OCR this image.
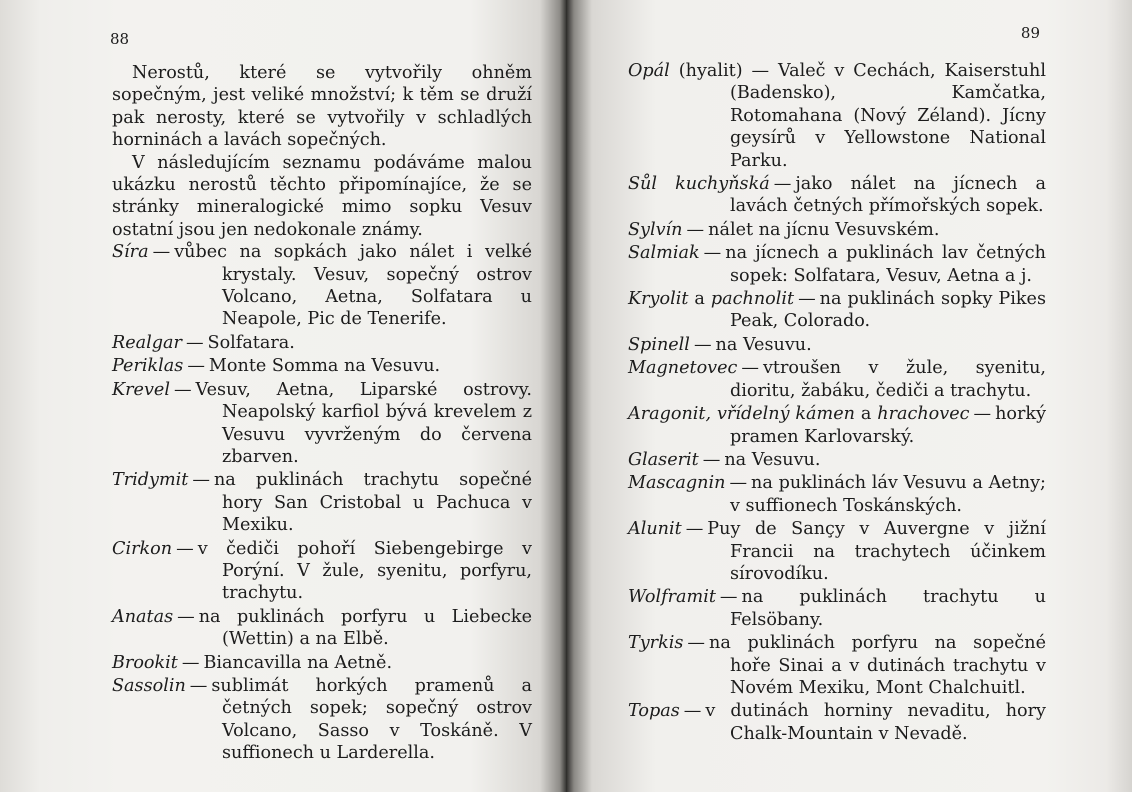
88

Nerostů, které se vytvořily ohněm sopečným, jest veliké množství; k těm se druží pak nerosty, které se vytvořily v schladlých horninách a lavách sopečných.

V následujícím seznamu podáváme malou ukázku nerostů těchto připomínajíce, že se stránky mineralogické mimo sopku Vesuv ostatní jsou jen nedokonale známy.

Síra — vůbec na sopkách jako nálet i velké krystaly. Vesuv, sopečný ostrov Volcano, Aetna, Solfatara u Neapole, Pic de Tenerife.

Realgar — Solfatara.

Periklas — Monte Somma na Vesuvu.

Krevel — Vesuv, Aetna, Liparské ostrovy. Neapolský karfiol bývá krevelem z Vesuvu vyvrženým do červena zbarven.

Tridymit — na puklinách trachytu sopečné hory San Cristobal u Pachuca v Mexiku.

Cirkon — v čediči pohoří Siebengebirge v Porýní. V žule, syenitu, porfyru, trachytu.

Anatas — na puklinách porfyru u Liebecke (Wettin) a na Elbě.

Brookit — Biancavilla na Aetně.

Sassolin — sublimát horkých pramenů a četných sopek; sopečný ostrov Volcano, Sasso v Toskáně. V suffionech u Larderella.

89

Opál (hyalit) — Valeč v Cechách, Kaiserstuhl (Badensko), Kamčatka, Rotomahana (Nový Zéland). Jícny geysírů v Yellowstone National Parku.

Sůl kuchyňská — jako nálet na jícnech a lavách četných přímořských sopek.

Sylvín — nálet na jícnu Vesuvském.

Salmiak — na jícnech a puklinách lav četných sopek: Solfatara, Vesuv, Aetna a j.

Kryolit a pachnolit — na puklinách sopky Pikes Peak, Colorado.

Spinell — na Vesuvu.

Magnetovec — vtroušen v žule, syenitu, dioritu, žabáku, čediči a trachytu.

Aragonit, vřídelný kámen a hrachovec — horký pramen Karlovarský.

Glaserit — na Vesuvu.

Mascagnin — na puklinách láv Vesuvu a Aetny; v suffionech Toskánských.

Alunit — Puy de Sançy v Auvergne v jižní Francii na trachytech účinkem sírovodíku.

Wolframit — na puklinách trachytu u Felsöbany.

Tyrkis — na puklinách porfyru na sopečné hoře Sinai a v dutinách trachytu v Novém Mexiku, Mont Chalchuitl.

Topas — v dutinách horniny nevaditu, hory Chalk-Mountain v Nevadě.
